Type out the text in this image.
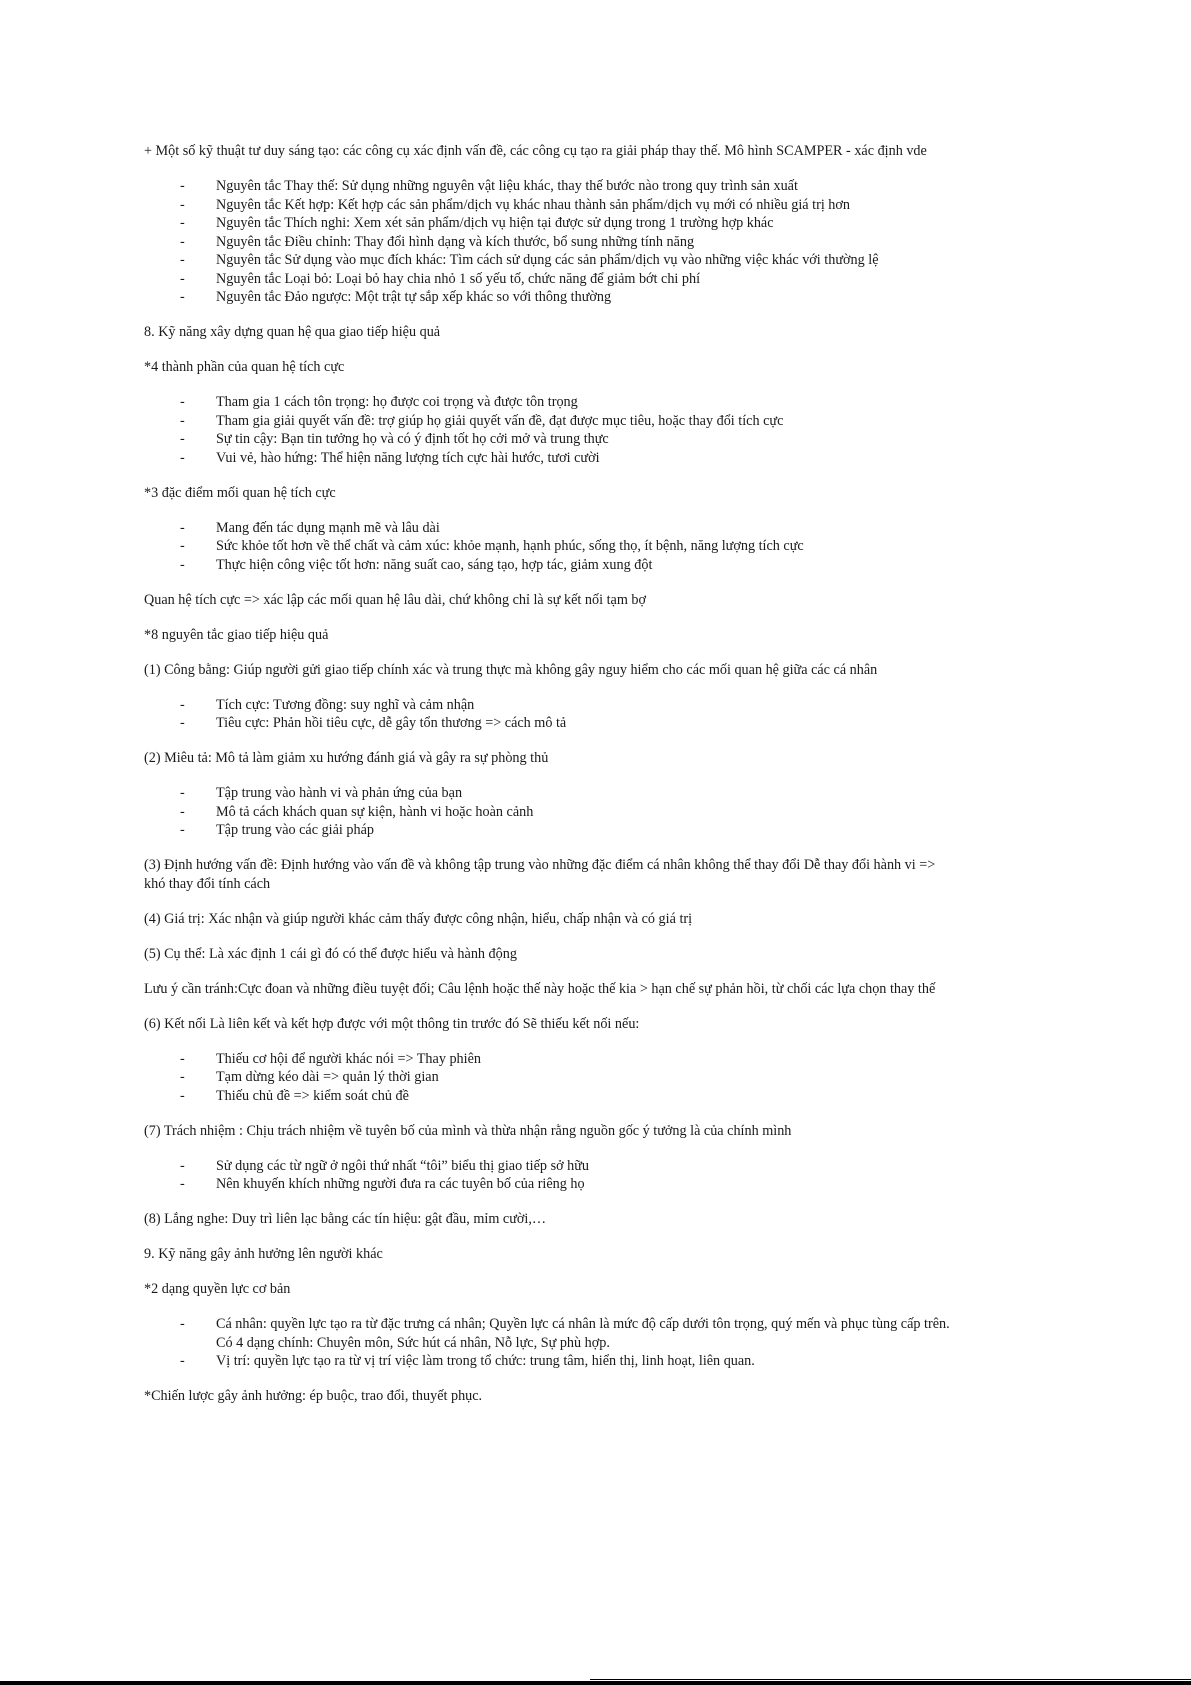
+ Một số kỹ thuật tư duy sáng tạo: các công cụ xác định vấn đề, các công cụ tạo ra giải pháp thay thế. Mô hình SCAMPER - xác định vde

- Nguyên tắc Thay thế: Sử dụng những nguyên vật liệu khác, thay thế bước nào trong quy trình sản xuất
- Nguyên tắc Kết hợp: Kết hợp các sản phẩm/dịch vụ khác nhau thành sản phẩm/dịch vụ mới có nhiều giá trị hơn
- Nguyên tắc Thích nghi: Xem xét sản phẩm/dịch vụ hiện tại được sử dụng trong 1 trường hợp khác
- Nguyên tắc Điều chỉnh: Thay đổi hình dạng và kích thước, bổ sung những tính năng
- Nguyên tắc Sử dụng vào mục đích khác: Tìm cách sử dụng các sản phẩm/dịch vụ vào những việc khác với thường lệ
- Nguyên tắc Loại bỏ: Loại bỏ hay chia nhỏ 1 số yếu tố, chức năng để giảm bớt chi phí
- Nguyên tắc Đảo ngược: Một trật tự sắp xếp khác so với thông thường

8. Kỹ năng xây dựng quan hệ qua giao tiếp hiệu quả

*4 thành phần của quan hệ tích cực

- Tham gia 1 cách tôn trọng: họ được coi trọng và được tôn trọng
- Tham gia giải quyết vấn đề: trợ giúp họ giải quyết vấn đề, đạt được mục tiêu, hoặc thay đổi tích cực
- Sự tin cậy: Bạn tin tưởng họ và có ý định tốt họ cởi mở và trung thực
- Vui vẻ, hào hứng: Thể hiện năng lượng tích cực hài hước, tươi cười

*3 đặc điểm mối quan hệ tích cực

- Mang đến tác dụng mạnh mẽ và lâu dài
- Sức khỏe tốt hơn về thể chất và cảm xúc: khỏe mạnh, hạnh phúc, sống thọ, ít bệnh, năng lượng tích cực
- Thực hiện công việc tốt hơn: năng suất cao, sáng tạo, hợp tác, giảm xung đột

Quan hệ tích cực => xác lập các mối quan hệ lâu dài, chứ không chỉ là sự kết nối tạm bợ

*8 nguyên tắc giao tiếp hiệu quả

(1) Công bằng: Giúp người gửi giao tiếp chính xác và trung thực mà không gây nguy hiểm cho các mối quan hệ giữa các cá nhân

- Tích cực: Tương đồng: suy nghĩ và cảm nhận
- Tiêu cực: Phản hồi tiêu cực, dễ gây tổn thương => cách mô tả

(2) Miêu tả: Mô tả làm giảm xu hướng đánh giá và gây ra sự phòng thủ

- Tập trung vào hành vi và phản ứng của bạn
- Mô tả cách khách quan sự kiện, hành vi hoặc hoàn cảnh
- Tập trung vào các giải pháp

(3) Định hướng vấn đề: Định hướng vào vấn đề và không tập trung vào những đặc điểm cá nhân không thể thay đổi Dễ thay đổi hành vi => khó thay đổi tính cách

(4) Giá trị: Xác nhận và giúp người khác cảm thấy được công nhận, hiểu, chấp nhận và có giá trị

(5) Cụ thể: Là xác định 1 cái gì đó có thể được hiểu và hành động

Lưu ý cần tránh:Cực đoan và những điều tuyệt đối; Câu lệnh hoặc thế này hoặc thế kia > hạn chế sự phản hồi, từ chối các lựa chọn thay thế

(6) Kết nối Là liên kết và kết hợp được với một thông tin trước đó Sẽ thiếu kết nối nếu:

- Thiếu cơ hội để người khác nói => Thay phiên
- Tạm dừng kéo dài => quản lý thời gian
- Thiếu chủ đề => kiểm soát chủ đề

(7) Trách nhiệm : Chịu trách nhiệm về tuyên bố của mình và thừa nhận rằng nguồn gốc ý tưởng là của chính mình

- Sử dụng các từ ngữ ở ngôi thứ nhất “tôi” biểu thị giao tiếp sở hữu
- Nên khuyến khích những người đưa ra các tuyên bố của riêng họ

(8) Lắng nghe: Duy trì liên lạc bằng các tín hiệu: gật đầu, mỉm cười,…

9. Kỹ năng gây ảnh hưởng lên người khác

*2 dạng quyền lực cơ bản

- Cá nhân: quyền lực tạo ra từ đặc trưng cá nhân; Quyền lực cá nhân là mức độ cấp dưới tôn trọng, quý mến và phục tùng cấp trên. Có 4 dạng chính: Chuyên môn, Sức hút cá nhân, Nỗ lực, Sự phù hợp.
- Vị trí: quyền lực tạo ra từ vị trí việc làm trong tổ chức: trung tâm, hiển thị, linh hoạt, liên quan.

*Chiến lược gây ảnh hưởng: ép buộc, trao đổi, thuyết phục.
